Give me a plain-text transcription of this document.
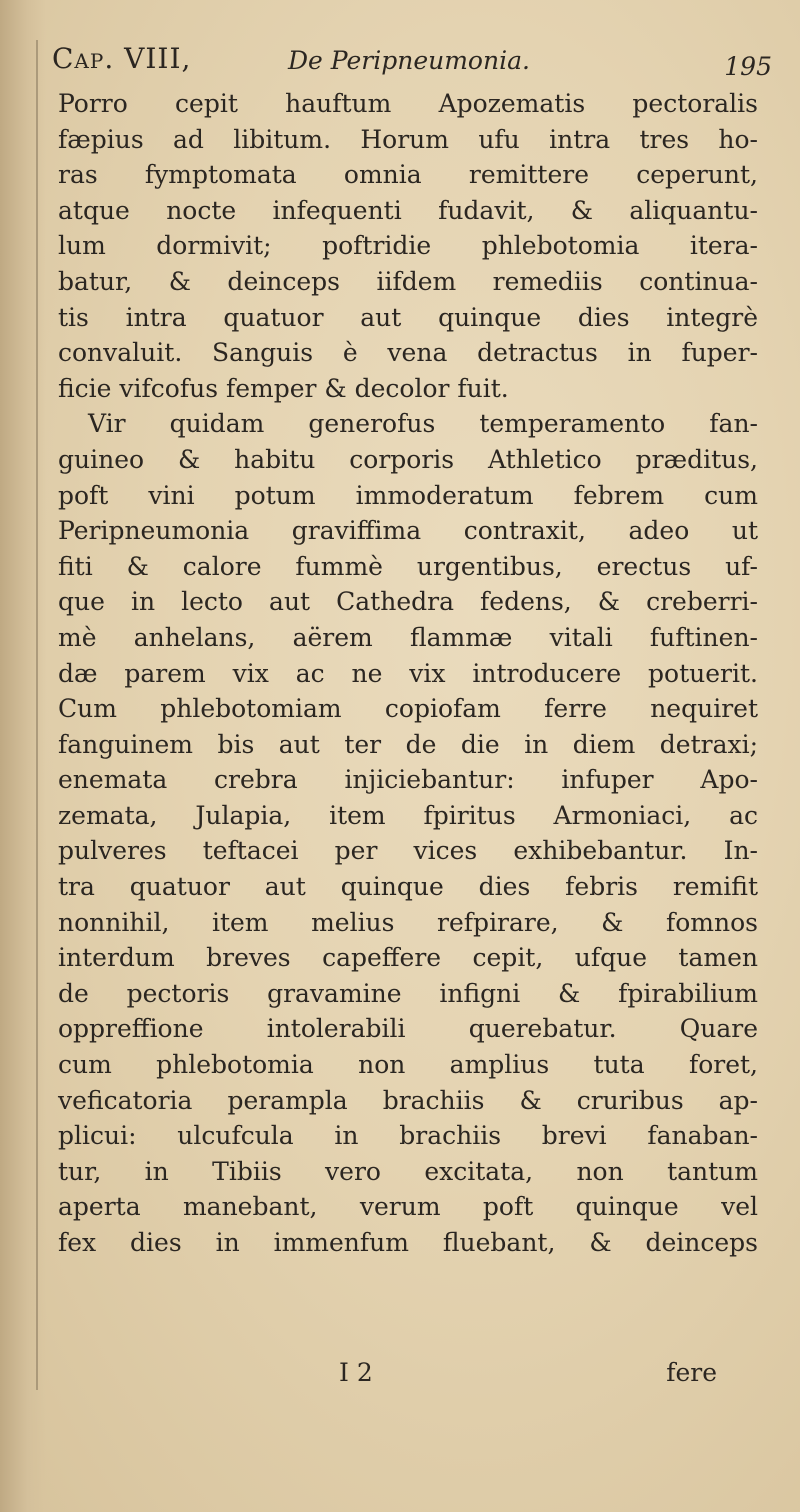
Cap. VIII,	De Peripneumonia.	195
Porro cepit hauftum Apozematis pectoralis
fæpius ad libitum. Horum ufu intra tres ho-
ras fymptomata omnia remittere ceperunt,
atque nocte infequenti fudavit, & aliquantu-
lum dormivit; poftridie phlebotomia itera-
batur, & deinceps iifdem remediis continua-
tis intra quatuor aut quinque dies integrè
convaluit. Sanguis è vena detractus in fuper-
ficie vifcofus femper & decolor fuit.
Vir quidam generofus temperamento fan-
guineo & habitu corporis Athletico præditus,
poft vini potum immoderatum febrem cum
Peripneumonia graviffima contraxit, adeo ut
fiti & calore fummè urgentibus, erectus uf-
que in lecto aut Cathedra fedens, & creberri-
mè anhelans, aërem flammæ vitali fuftinen-
dæ parem vix ac ne vix introducere potuerit.
Cum phlebotomiam copiofam ferre nequiret
fanguinem bis aut ter de die in diem detraxi;
enemata crebra injiciebantur: infuper Apo-
zemata, Julapia, item fpiritus Armoniaci, ac
pulveres teftacei per vices exhibebantur. In-
tra quatuor aut quinque dies febris remifit
nonnihil, item melius refpirare, & fomnos
interdum breves capeffere cepit, ufque tamen
de pectoris gravamine infigni & fpirabilium
oppreffione intolerabili querebatur. Quare
cum phlebotomia non amplius tuta foret,
veficatoria perampla brachiis & cruribus ap-
plicui: ulcufcula in brachiis brevi fanaban-
tur, in Tibiis vero excitata, non tantum
aperta manebant, verum poft quinque vel
fex dies in immenfum fluebant, & deinceps
I 2	fere
